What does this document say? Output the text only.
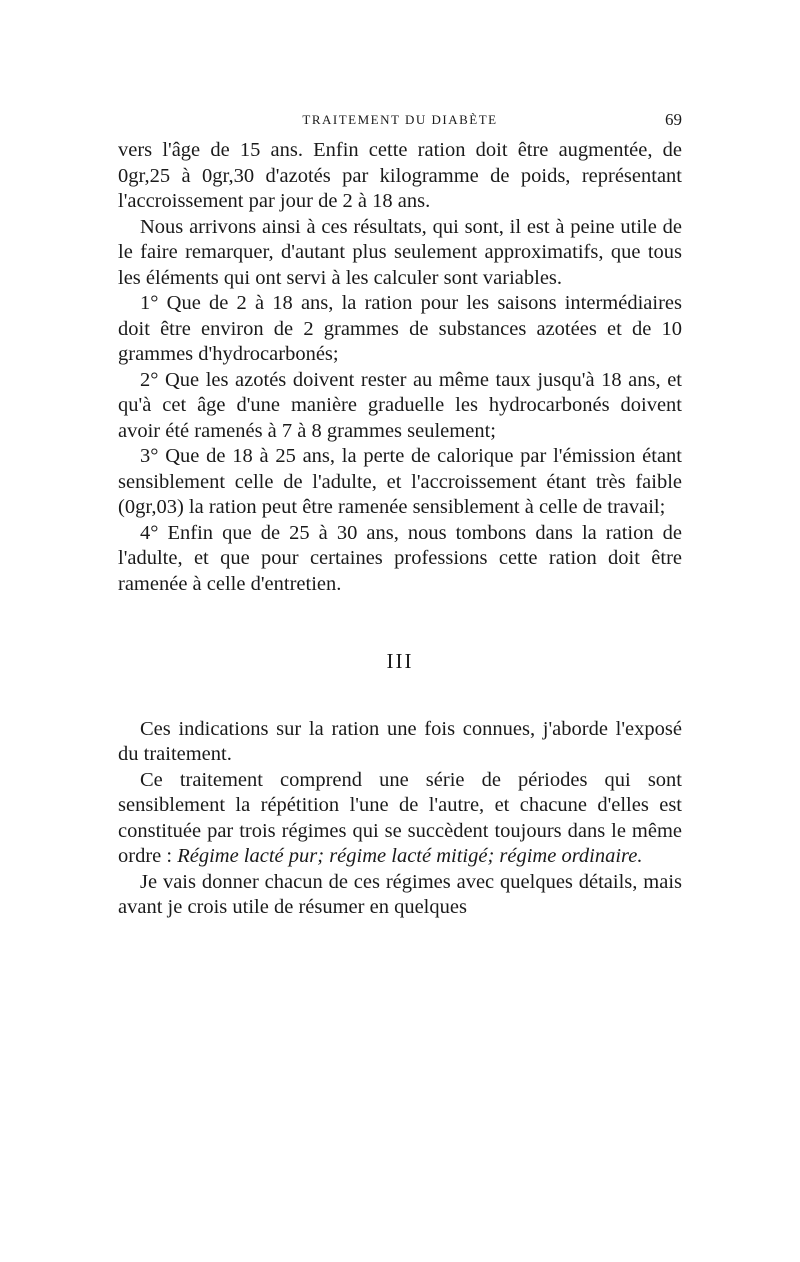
TRAITEMENT DU DIABÈTE	69

vers l'âge de 15 ans. Enfin cette ration doit être augmentée, de 0gr,25 à 0gr,30 d'azotés par kilogramme de poids, représentant l'accroissement par jour de 2 à 18 ans.

Nous arrivons ainsi à ces résultats, qui sont, il est à peine utile de le faire remarquer, d'autant plus seulement approximatifs, que tous les éléments qui ont servi à les calculer sont variables.

1° Que de 2 à 18 ans, la ration pour les saisons intermédiaires doit être environ de 2 grammes de substances azotées et de 10 grammes d'hydrocarbonés;

2° Que les azotés doivent rester au même taux jusqu'à 18 ans, et qu'à cet âge d'une manière graduelle les hydrocarbonés doivent avoir été ramenés à 7 à 8 grammes seulement;

3° Que de 18 à 25 ans, la perte de calorique par l'émission étant sensiblement celle de l'adulte, et l'accroissement étant très faible (0gr,03) la ration peut être ramenée sensiblement à celle de travail;

4° Enfin que de 25 à 30 ans, nous tombons dans la ration de l'adulte, et que pour certaines professions cette ration doit être ramenée à celle d'entretien.

III

Ces indications sur la ration une fois connues, j'aborde l'exposé du traitement.

Ce traitement comprend une série de périodes qui sont sensiblement la répétition l'une de l'autre, et chacune d'elles est constituée par trois régimes qui se succèdent toujours dans le même ordre : Régime lacté pur; régime lacté mitigé; régime ordinaire.

Je vais donner chacun de ces régimes avec quelques détails, mais avant je crois utile de résumer en quelques
